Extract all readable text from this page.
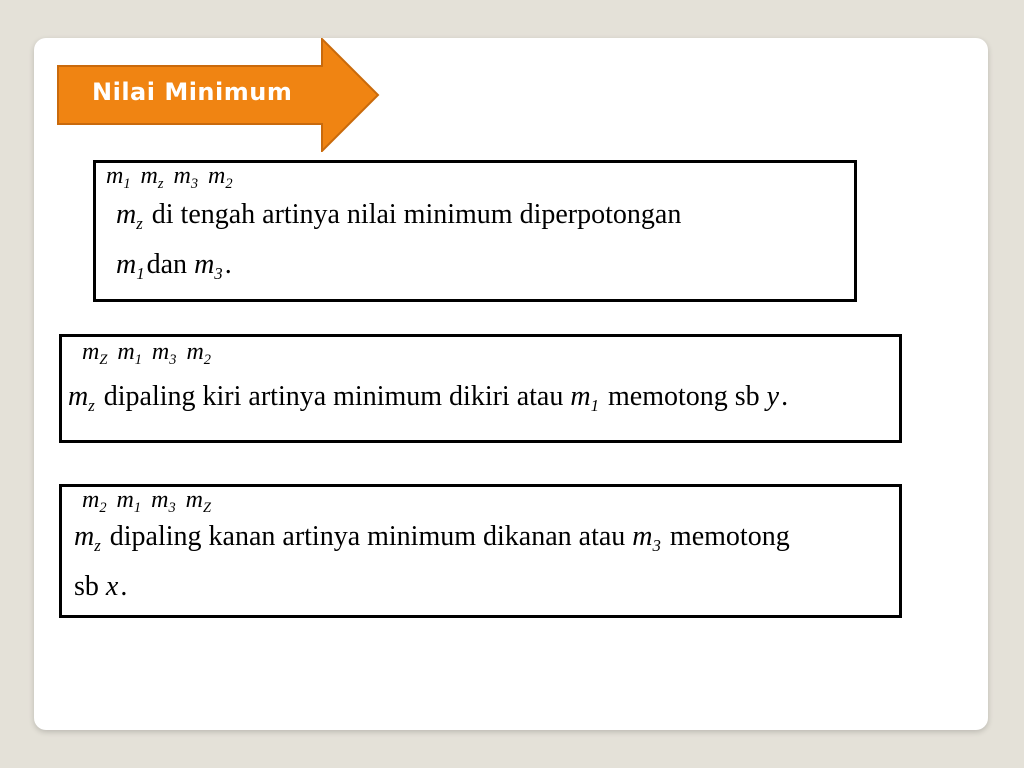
Nilai Minimum
$m_1$ $m_z$ $m_3$ $m_2$
$m_z$ di tengah artinya nilai minimum diperpotongan
$m_1dan$ $m_3$.
$m_Z$ $m_1$ $m_3$ $m_2$
$m_z$ dipaling kiri artinya minimum dikiri atau $m_1$ memotong sb y.
$m_2$ $m_1$ $m_3$ $m_Z$
$m_z$ dipaling kanan artinya minimum dikanan atau $m_3$ memotong
sb x.
